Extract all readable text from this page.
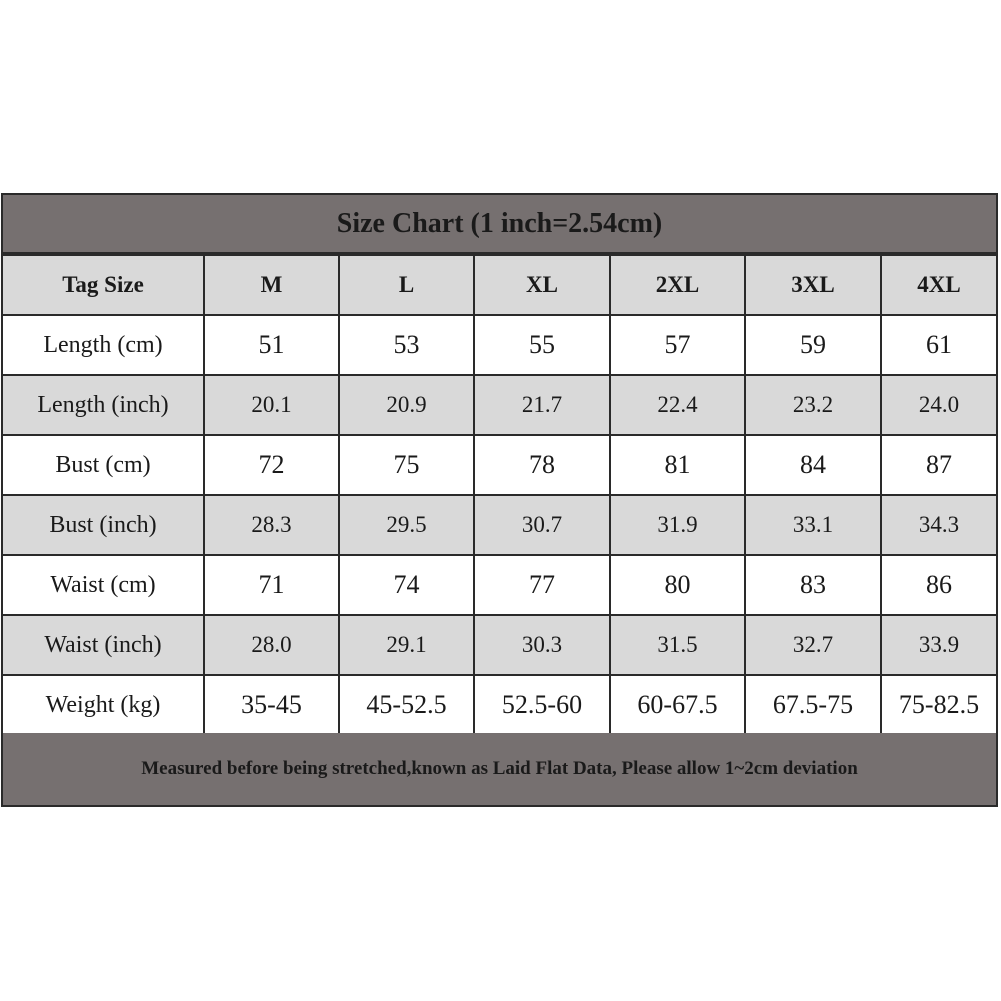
Size Chart (1 inch=2.54cm)
Tag Size	M	L	XL	2XL	3XL	4XL
Length (cm)	51	53	55	57	59	61
Length (inch)	20.1	20.9	21.7	22.4	23.2	24.0
Bust (cm)	72	75	78	81	84	87
Bust (inch)	28.3	29.5	30.7	31.9	33.1	34.3
Waist (cm)	71	74	77	80	83	86
Waist (inch)	28.0	29.1	30.3	31.5	32.7	33.9
Weight (kg)	35-45	45-52.5	52.5-60	60-67.5	67.5-75	75-82.5
Measured before being stretched,known as Laid Flat Data, Please allow 1~2cm deviation
